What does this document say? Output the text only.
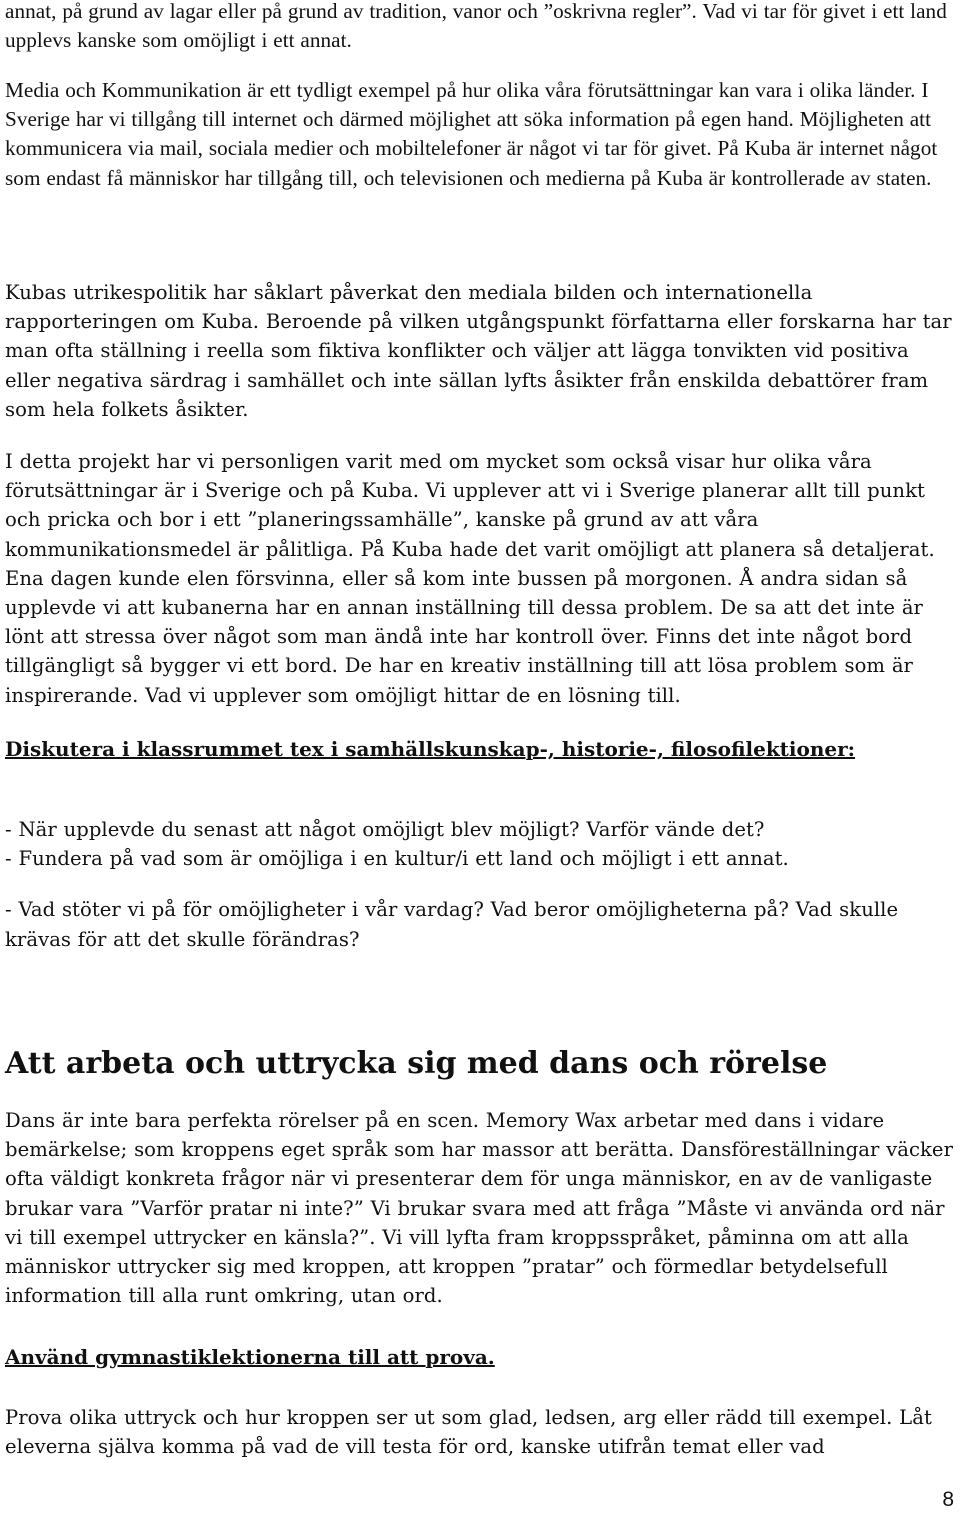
annat, på grund av lagar eller på grund av tradition, vanor och ”oskrivna regler”. Vad vi tar för givet i ett land upplevs kanske som omöjligt i ett annat.

Media och Kommunikation är ett tydligt exempel på hur olika våra förutsättningar kan vara i olika länder. I Sverige har vi tillgång till internet och därmed möjlighet att söka information på egen hand. Möjligheten att kommunicera via mail, sociala medier och mobiltelefoner är något vi tar för givet. På Kuba är internet något som endast få människor har tillgång till, och televisionen och medierna på Kuba är kontrollerade av staten.

Kubas utrikespolitik har såklart påverkat den mediala bilden och internationella rapporteringen om Kuba. Beroende på vilken utgångspunkt författarna eller forskarna har tar man ofta ställning i reella som fiktiva konflikter och väljer att lägga tonvikten vid positiva eller negativa särdrag i samhället och inte sällan lyfts åsikter från enskilda debattörer fram som hela folkets åsikter.

I detta projekt har vi personligen varit med om mycket som också visar hur olika våra förutsättningar är i Sverige och på Kuba. Vi upplever att vi i Sverige planerar allt till punkt och pricka och bor i ett ”planeringssamhälle”, kanske på grund av att våra kommunikationsmedel är pålitliga. På Kuba hade det varit omöjligt att planera så detaljerat. Ena dagen kunde elen försvinna, eller så kom inte bussen på morgonen. Å andra sidan så upplevde vi att kubanerna har en annan inställning till dessa problem. De sa att det inte är lönt att stressa över något som man ändå inte har kontroll över. Finns det inte något bord tillgängligt så bygger vi ett bord. De har en kreativ inställning till att lösa problem som är inspirerande. Vad vi upplever som omöjligt hittar de en lösning till.

Diskutera i klassrummet tex i samhällskunskap-, historie-, filosofilektioner:

- När upplevde du senast att något omöjligt blev möjligt? Varför vände det?

- Fundera på vad som är omöjliga i en kultur/i ett land och möjligt i ett annat.

- Vad stöter vi på för omöjligheter i vår vardag? Vad beror omöjligheterna på? Vad skulle krävas för att det skulle förändras?

Att arbeta och uttrycka sig med dans och rörelse

Dans är inte bara perfekta rörelser på en scen. Memory Wax arbetar med dans i vidare bemärkelse; som kroppens eget språk som har massor att berätta. Dansföreställningar väcker ofta väldigt konkreta frågor när vi presenterar dem för unga människor, en av de vanligaste brukar vara ”Varför pratar ni inte?” Vi brukar svara med att fråga ”Måste vi använda ord när vi till exempel uttrycker en känsla?”. Vi vill lyfta fram kroppsspråket, påminna om att alla människor uttrycker sig med kroppen, att kroppen ”pratar” och förmedlar betydelsefull information till alla runt omkring, utan ord.

Använd gymnastiklektionerna till att prova.

Prova olika uttryck och hur kroppen ser ut som glad, ledsen, arg eller rädd till exempel. Låt eleverna själva komma på vad de vill testa för ord, kanske utifrån temat eller vad

8
